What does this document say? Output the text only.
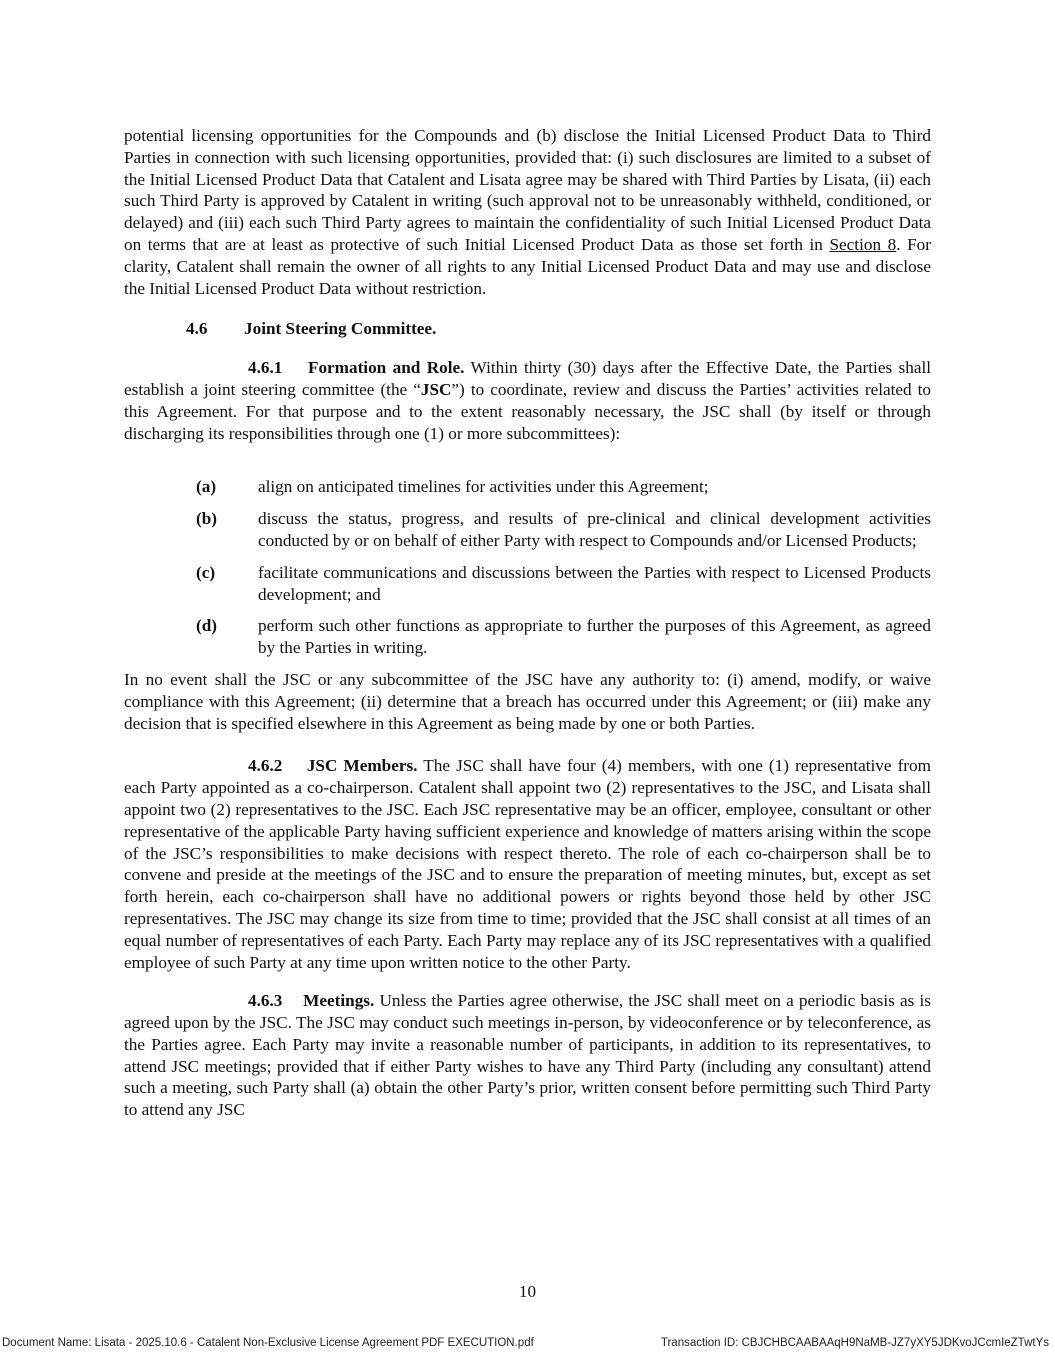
potential licensing opportunities for the Compounds and (b) disclose the Initial Licensed Product Data to Third Parties in connection with such licensing opportunities, provided that: (i) such disclosures are limited to a subset of the Initial Licensed Product Data that Catalent and Lisata agree may be shared with Third Parties by Lisata, (ii) each such Third Party is approved by Catalent in writing (such approval not to be unreasonably withheld, conditioned, or delayed) and (iii) each such Third Party agrees to maintain the confidentiality of such Initial Licensed Product Data on terms that are at least as protective of such Initial Licensed Product Data as those set forth in Section 8. For clarity, Catalent shall remain the owner of all rights to any Initial Licensed Product Data and may use and disclose the Initial Licensed Product Data without restriction.

4.6 Joint Steering Committee.

4.6.1 Formation and Role. Within thirty (30) days after the Effective Date, the Parties shall establish a joint steering committee (the “JSC”) to coordinate, review and discuss the Parties’ activities related to this Agreement. For that purpose and to the extent reasonably necessary, the JSC shall (by itself or through discharging its responsibilities through one (1) or more subcommittees):

(a)	align on anticipated timelines for activities under this Agreement;
(b)	discuss the status, progress, and results of pre-clinical and clinical development activities conducted by or on behalf of either Party with respect to Compounds and/or Licensed Products;
(c)	facilitate communications and discussions between the Parties with respect to Licensed Products development; and
(d)	perform such other functions as appropriate to further the purposes of this Agreement, as agreed by the Parties in writing.

In no event shall the JSC or any subcommittee of the JSC have any authority to: (i) amend, modify, or waive compliance with this Agreement; (ii) determine that a breach has occurred under this Agreement; or (iii) make any decision that is specified elsewhere in this Agreement as being made by one or both Parties.

4.6.2 JSC Members. The JSC shall have four (4) members, with one (1) representative from each Party appointed as a co-chairperson. Catalent shall appoint two (2) representatives to the JSC, and Lisata shall appoint two (2) representatives to the JSC. Each JSC representative may be an officer, employee, consultant or other representative of the applicable Party having sufficient experience and knowledge of matters arising within the scope of the JSC’s responsibilities to make decisions with respect thereto. The role of each co-chairperson shall be to convene and preside at the meetings of the JSC and to ensure the preparation of meeting minutes, but, except as set forth herein, each co-chairperson shall have no additional powers or rights beyond those held by other JSC representatives. The JSC may change its size from time to time; provided that the JSC shall consist at all times of an equal number of representatives of each Party. Each Party may replace any of its JSC representatives with a qualified employee of such Party at any time upon written notice to the other Party.

4.6.3 Meetings. Unless the Parties agree otherwise, the JSC shall meet on a periodic basis as is agreed upon by the JSC. The JSC may conduct such meetings in-person, by videoconference or by teleconference, as the Parties agree. Each Party may invite a reasonable number of participants, in addition to its representatives, to attend JSC meetings; provided that if either Party wishes to have any Third Party (including any consultant) attend such a meeting, such Party shall (a) obtain the other Party’s prior, written consent before permitting such Third Party to attend any JSC

10
Document Name: Lisata - 2025.10.6 - Catalent Non-Exclusive License Agreement PDF EXECUTION.pdf	Transaction ID: CBJCHBCAABAAqH9NaMB-JZ7yXY5JDKvoJCcmIeZTwtYs
